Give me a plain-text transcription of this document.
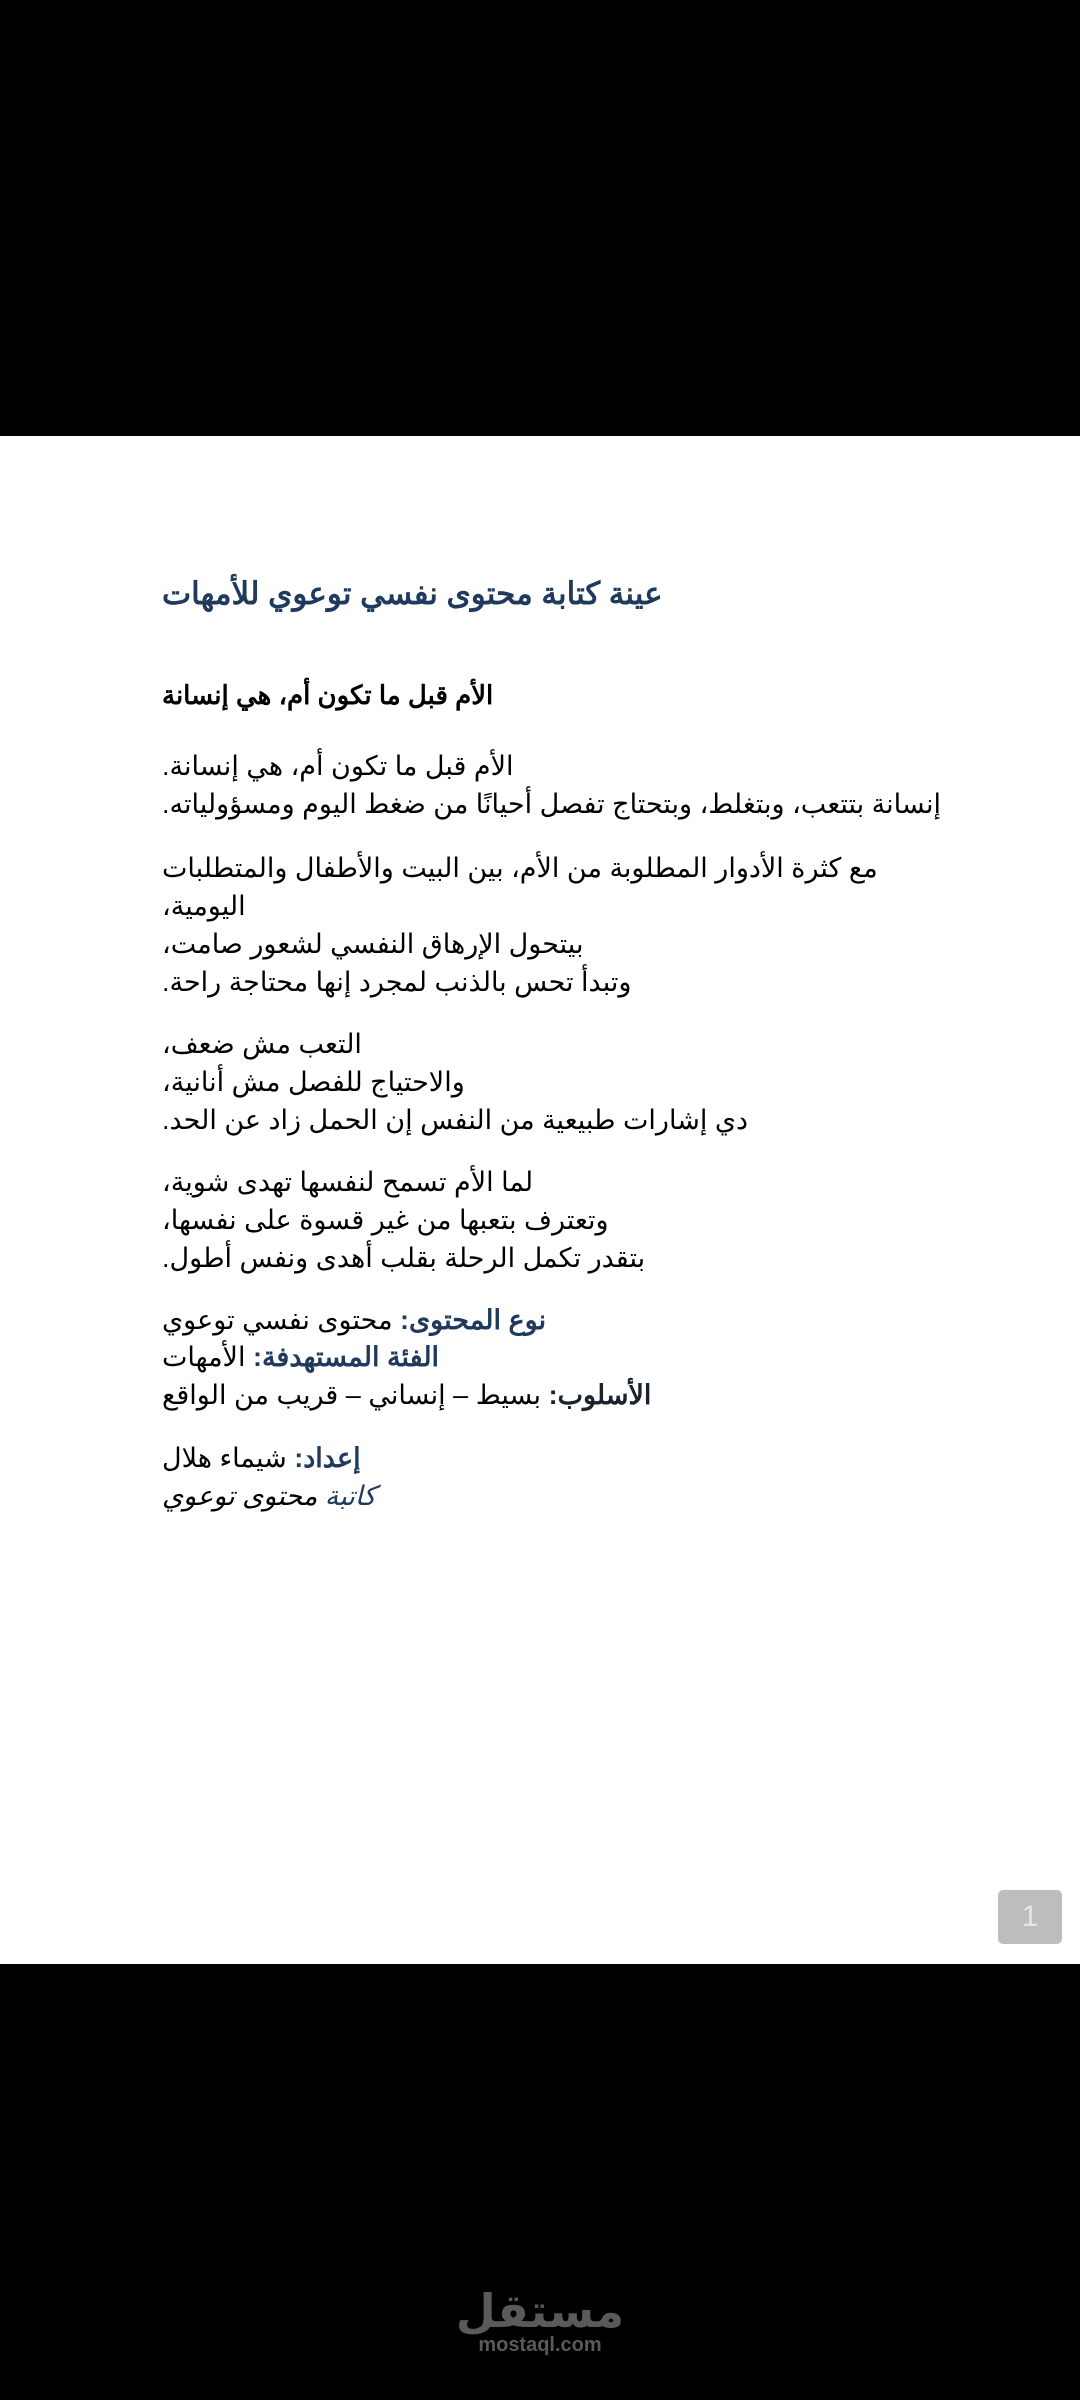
عينة كتابة محتوى نفسي توعوي للأمهات
الأم قبل ما تكون أم، هي إنسانة
الأم قبل ما تكون أم، هي إنسانة.
إنسانة بتتعب، وبتغلط، وبتحتاج تفصل أحيانًا من ضغط اليوم ومسؤولياته.
مع كثرة الأدوار المطلوبة من الأم، بين البيت والأطفال والمتطلبات
اليومية،
بيتحول الإرهاق النفسي لشعور صامت،
وتبدأ تحس بالذنب لمجرد إنها محتاجة راحة.
التعب مش ضعف،
والاحتياج للفصل مش أنانية،
دي إشارات طبيعية من النفس إن الحمل زاد عن الحد.
لما الأم تسمح لنفسها تهدى شوية،
وتعترف بتعبها من غير قسوة على نفسها،
بتقدر تكمل الرحلة بقلب أهدى ونفس أطول.
نوع المحتوى: محتوى نفسي توعوي
الفئة المستهدفة: الأمهات
الأسلوب: بسيط – إنساني – قريب من الواقع
إعداد: شيماء هلال
كاتبة محتوى توعوي
1
مستقل
mostaql.com
